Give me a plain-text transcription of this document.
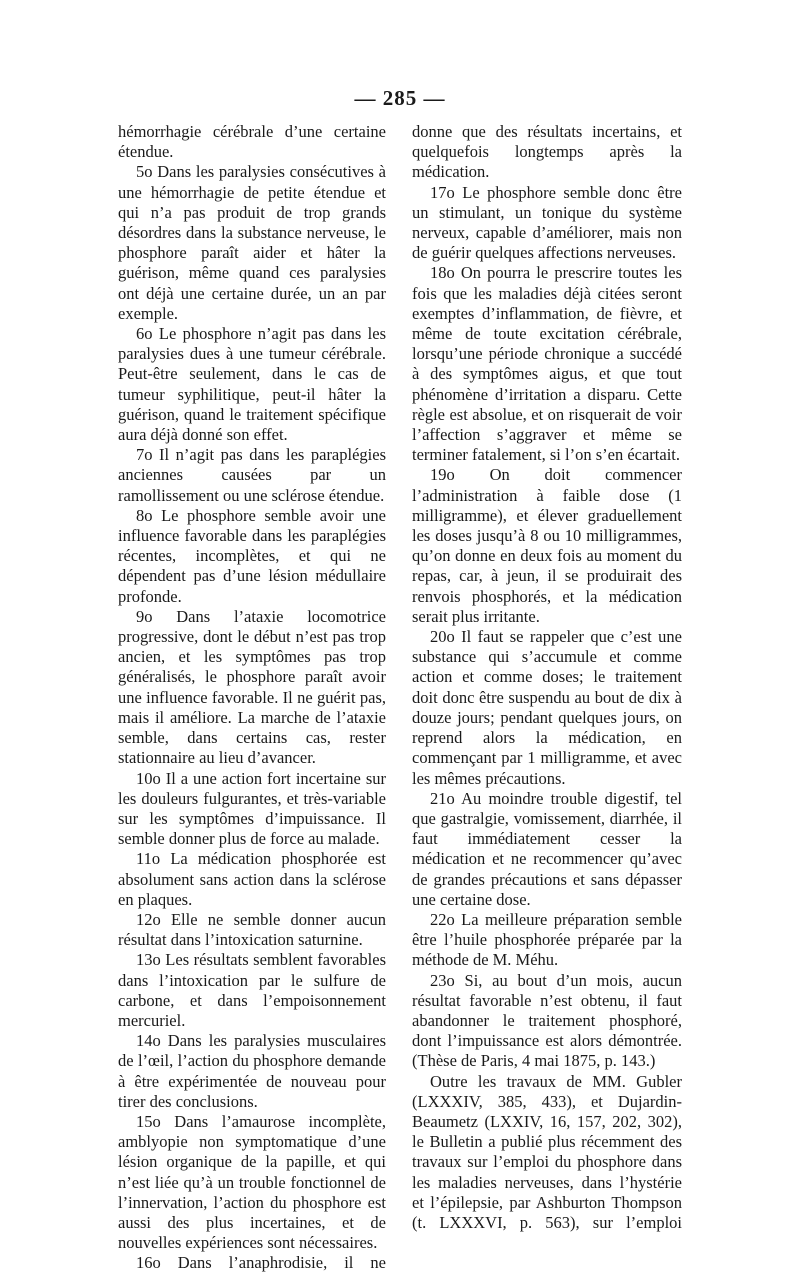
— 285 —

hémorrhagie cérébrale d’une certaine étendue.

5o Dans les paralysies consécutives à une hémorrhagie de petite étendue et qui n’a pas produit de trop grands désordres dans la substance nerveuse, le phosphore paraît aider et hâter la guérison, même quand ces paralysies ont déjà une certaine durée, un an par exemple.

6o Le phosphore n’agit pas dans les paralysies dues à une tumeur cérébrale. Peut-être seulement, dans le cas de tumeur syphilitique, peut-il hâter la guérison, quand le traitement spécifique aura déjà donné son effet.

7o Il n’agit pas dans les paraplégies anciennes causées par un ramollissement ou une sclérose étendue.

8o Le phosphore semble avoir une influence favorable dans les paraplégies récentes, incomplètes, et qui ne dépendent pas d’une lésion médullaire profonde.

9o Dans l’ataxie locomotrice progressive, dont le début n’est pas trop ancien, et les symptômes pas trop généralisés, le phosphore paraît avoir une influence favorable. Il ne guérit pas, mais il améliore. La marche de l’ataxie semble, dans certains cas, rester stationnaire au lieu d’avancer.

10o Il a une action fort incertaine sur les douleurs fulgurantes, et très-variable sur les symptômes d’impuissance. Il semble donner plus de force au malade.

11o La médication phosphorée est absolument sans action dans la sclérose en plaques.

12o Elle ne semble donner aucun résultat dans l’intoxication saturnine.

13o Les résultats semblent favorables dans l’intoxication par le sulfure de carbone, et dans l’empoisonnement mercuriel.

14o Dans les paralysies musculaires de l’œil, l’action du phosphore demande à être expérimentée de nouveau pour tirer des conclusions.

15o Dans l’amaurose incomplète, amblyopie non symptomatique d’une lésion organique de la papille, et qui n’est liée qu’à un trouble fonctionnel de l’innervation, l’action du phosphore est aussi des plus incertaines, et de nouvelles expériences sont nécessaires.

16o Dans l’anaphrodisie, il ne

donne que des résultats incertains, et quelquefois longtemps après la médication.

17o Le phosphore semble donc être un stimulant, un tonique du système nerveux, capable d’améliorer, mais non de guérir quelques affections nerveuses.

18o On pourra le prescrire toutes les fois que les maladies déjà citées seront exemptes d’inflammation, de fièvre, et même de toute excitation cérébrale, lorsqu’une période chronique a succédé à des symptômes aigus, et que tout phénomène d’irritation a disparu. Cette règle est absolue, et on risquerait de voir l’affection s’aggraver et même se terminer fatalement, si l’on s’en écartait.

19o On doit commencer l’administration à faible dose (1 milligramme), et élever graduellement les doses jusqu’à 8 ou 10 milligrammes, qu’on donne en deux fois au moment du repas, car, à jeun, il se produirait des renvois phosphorés, et la médication serait plus irritante.

20o Il faut se rappeler que c’est une substance qui s’accumule et comme action et comme doses; le traitement doit donc être suspendu au bout de dix à douze jours; pendant quelques jours, on reprend alors la médication, en commençant par 1 milligramme, et avec les mêmes précautions.

21o Au moindre trouble digestif, tel que gastralgie, vomissement, diarrhée, il faut immédiatement cesser la médication et ne recommencer qu’avec de grandes précautions et sans dépasser une certaine dose.

22o La meilleure préparation semble être l’huile phosphorée préparée par la méthode de M. Méhu.

23o Si, au bout d’un mois, aucun résultat favorable n’est obtenu, il faut abandonner le traitement phosphoré, dont l’impuissance est alors démontrée. (Thèse de Paris, 4 mai 1875, p. 143.)

Outre les travaux de MM. Gubler (LXXXIV, 385, 433), et Dujardin-Beaumetz (LXXIV, 16, 157, 202, 302), le Bulletin a publié plus récemment des travaux sur l’emploi du phosphore dans les maladies nerveuses, dans l’hystérie et l’épilepsie, par Ashburton Thompson (t. LXXXVI, p. 563), sur l’emploi
